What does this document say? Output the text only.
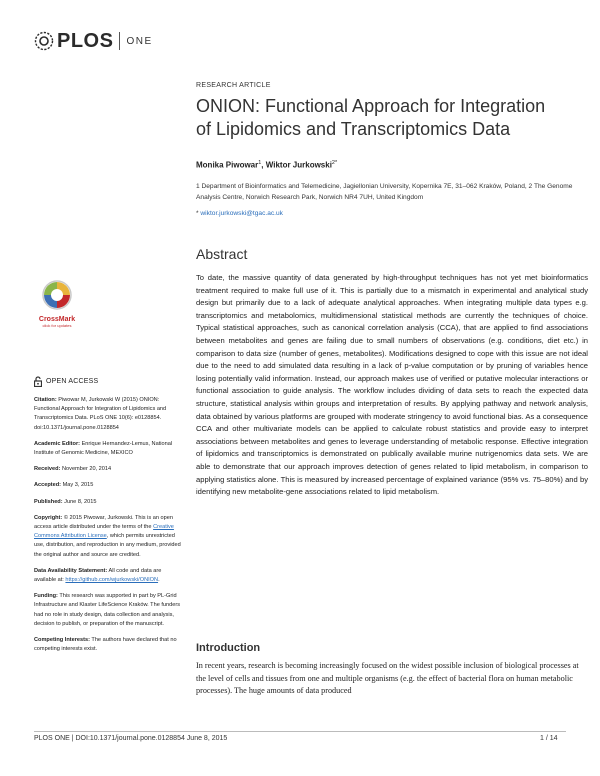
PLOS ONE
RESEARCH ARTICLE
ONION: Functional Approach for Integration of Lipidomics and Transcriptomics Data
Monika Piwowar$^1$, Wiktor Jurkowski$^{2*}$
1 Department of Bioinformatics and Telemedicine, Jagiellonian University, Kopernika 7E, 31–062 Kraków, Poland, 2 The Genome Analysis Centre, Norwich Research Park, Norwich NR4 7UH, United Kingdom
* wiktor.jurkowski@tgac.ac.uk
Abstract
To date, the massive quantity of data generated by high-throughput techniques has not yet met bioinformatics treatment required to make full use of it. This is partially due to a mismatch in experimental and analytical study design but primarily due to a lack of adequate analytical approaches. When integrating multiple data types e.g. transcriptomics and metabolomics, multidimensional statistical methods are currently the techniques of choice. Typical statistical approaches, such as canonical correlation analysis (CCA), that are applied to find associations between metabolites and genes are failing due to small numbers of observations (e.g. conditions, diet etc.) in comparison to data size (number of genes, metabolites). Modifications designed to cope with this issue are not ideal due to the need to add simulated data resulting in a lack of p-value computation or by pruning of variables hence losing potentially valid information. Instead, our approach makes use of verified or putative molecular interactions or functional association to guide analysis. The workflow includes dividing of data sets to reach the expected data structure, statistical analysis within groups and interpretation of results. By applying pathway and network analysis, data obtained by various platforms are grouped with moderate stringency to avoid functional bias. As a consequence CCA and other multivariate models can be applied to calculate robust statistics and provide easy to interpret associations between metabolites and genes to leverage understanding of metabolic response. Effective integration of lipidomics and transcriptomics is demonstrated on publically available murine nutrigenomics data sets. We are able to demonstrate that our approach improves detection of genes related to lipid metabolism, in comparison to applying statistics alone. This is measured by increased percentage of explained variance (95% vs. 75–80%) and by identifying new metabolite-gene associations related to lipid metabolism.
CrossMark
click for updates
OPEN ACCESS
Citation: Piwowar M, Jurkowski W (2015) ONION: Functional Approach for Integration of Lipidomics and Transcriptomics Data. PLoS ONE 10(6): e0128854. doi:10.1371/journal.pone.0128854
Academic Editor: Enrique Hernandez-Lemus, National Institute of Genomic Medicine, MEXICO
Received: November 20, 2014
Accepted: May 3, 2015
Published: June 8, 2015
Copyright: © 2015 Piwowar, Jurkowski. This is an open access article distributed under the terms of the Creative Commons Attribution License, which permits unrestricted use, distribution, and reproduction in any medium, provided the original author and source are credited.
Data Availability Statement: All code and data are available at: https://github.com/wjurkowski/ONION.
Funding: This research was supported in part by PL-Grid Infrastructure and Klaster LifeScience Kraków. The funders had no role in study design, data collection and analysis, decision to publish, or preparation of the manuscript.
Competing Interests: The authors have declared that no competing interests exist.	Introduction
In recent years, research is becoming increasingly focused on the widest possible inclusion of biological processes at the level of cells and tissues from one and multiple organisms (e.g. the effect of bacterial flora on human metabolic processes). The huge amounts of data produced
PLOS ONE | DOI:10.1371/journal.pone.0128854 June 8, 2015	1 / 14
